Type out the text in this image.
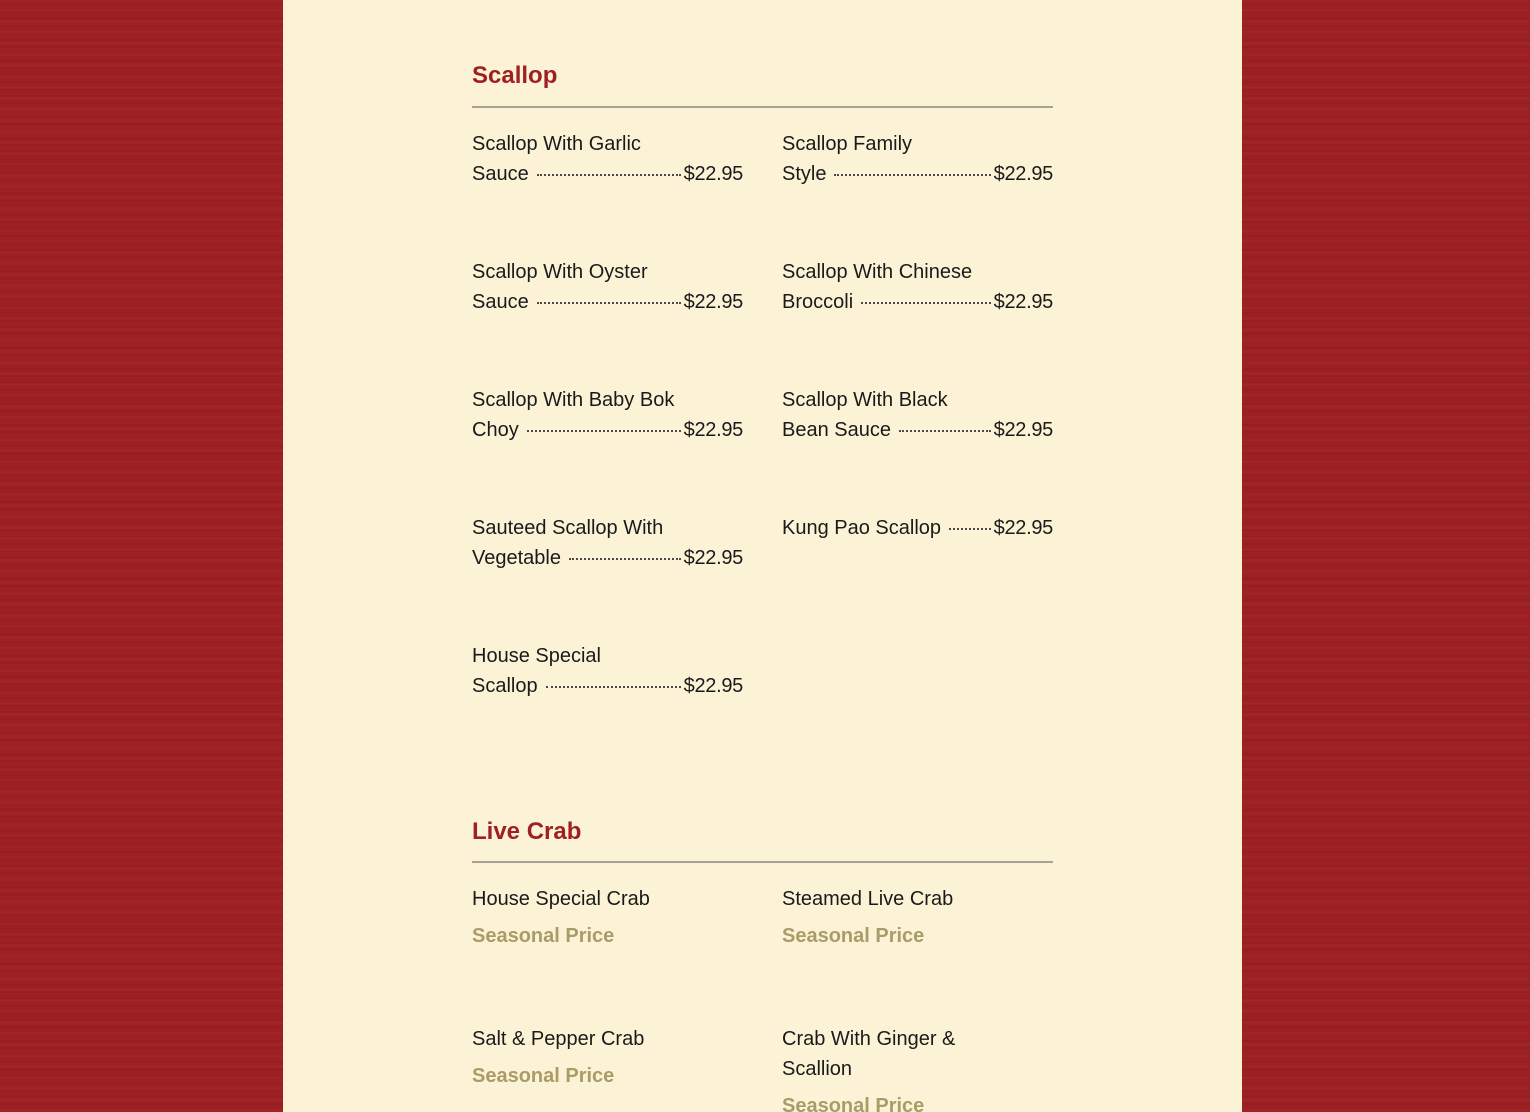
Scallop
Scallop With Garlic
Sauce	$22.95
Scallop Family
Style	$22.95
Scallop With Oyster
Sauce	$22.95
Scallop With Chinese
Broccoli	$22.95
Scallop With Baby Bok
Choy	$22.95
Scallop With Black
Bean Sauce	$22.95
Sauteed Scallop With
Vegetable	$22.95
Kung Pao Scallop	$22.95
House Special
Scallop	$22.95
Live Crab
House Special Crab
Seasonal Price
Steamed Live Crab
Seasonal Price
Salt & Pepper Crab
Seasonal Price
Crab With Ginger &
Scallion
Seasonal Price
